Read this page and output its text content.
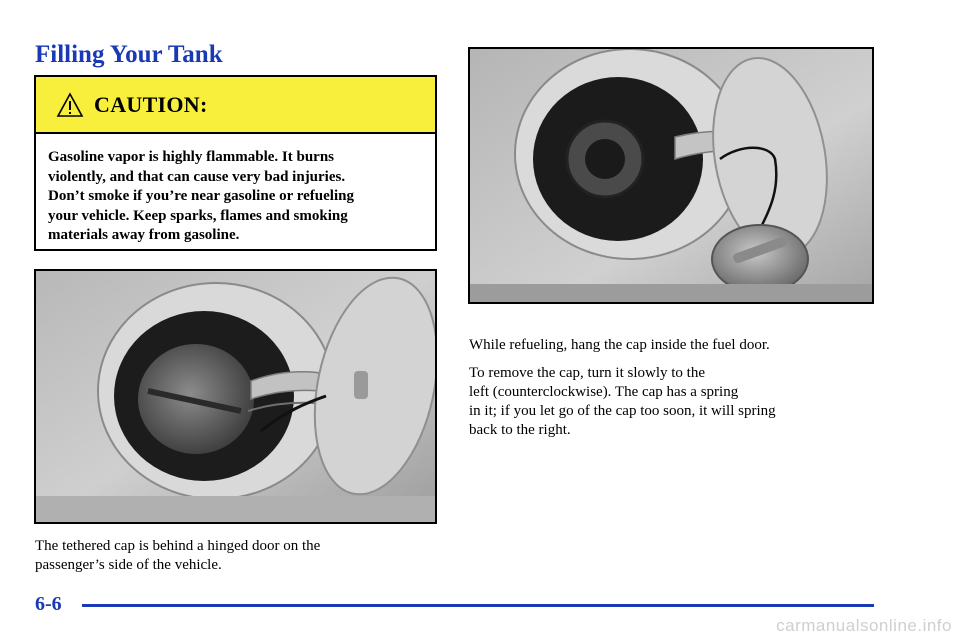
Filling Your Tank
CAUTION:
Gasoline vapor is highly flammable. It burns
violently, and that can cause very bad injuries.
Don’t smoke if you’re near gasoline or refueling
your vehicle. Keep sparks, flames and smoking
materials away from gasoline.
The tethered cap is behind a hinged door on the
passenger’s side of the vehicle.

While refueling, hang the cap inside the fuel door.

To remove the cap, turn it slowly to the
left (counterclockwise). The cap has a spring
in it; if you let go of the cap too soon, it will spring
back to the right.
6-6
carmanualsonline.info
